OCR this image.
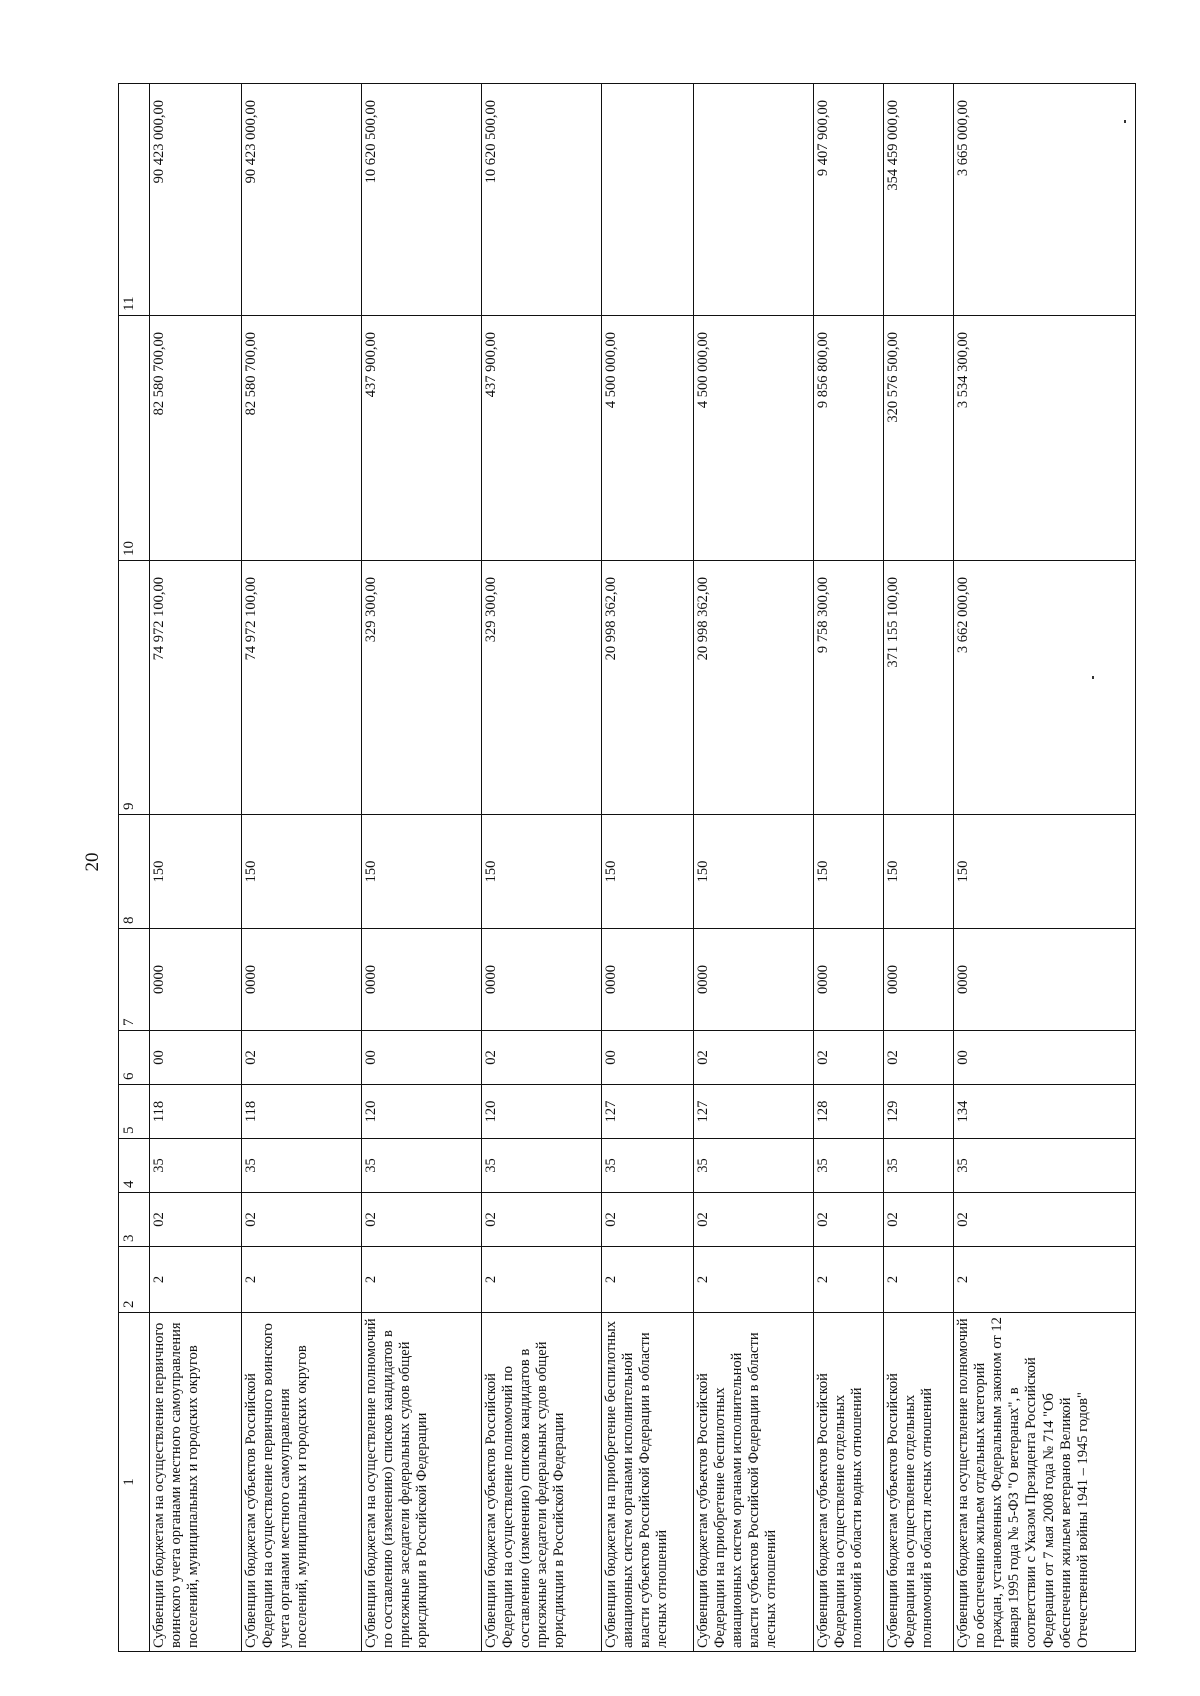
20
1	2	3	4	5	6	7	8	9	10	11
Субвенции бюджетам на осуществление первичного воинского учета органами местного самоуправления поселений, муниципальных и городских округов	2	02	35	118	00	0000	150	74 972 100,00	82 580 700,00	90 423 000,00
Субвенции бюджетам субъектов Российской Федерации на осуществление первичного воинского учета органами местного самоуправления поселений, муниципальных и городских округов	2	02	35	118	02	0000	150	74 972 100,00	82 580 700,00	90 423 000,00
Субвенции бюджетам на осуществление полномочий по составлению (изменению) списков кандидатов в присяжные заседатели федеральных судов общей юрисдикции в Российской Федерации	2	02	35	120	00	0000	150	329 300,00	437 900,00	10 620 500,00
Субвенции бюджетам субъектов Российской Федерации на осуществление полномочий по составлению (изменению) списков кандидатов в присяжные заседатели федеральных судов общей юрисдикции в Российской Федерации	2	02	35	120	02	0000	150	329 300,00	437 900,00	10 620 500,00
Субвенции бюджетам на приобретение беспилотных авиационных систем органами исполнительной власти субъектов Российской Федерации в области лесных отношений	2	02	35	127	00	0000	150	20 998 362,00	4 500 000,00	
Субвенции бюджетам субъектов Российской Федерации на приобретение беспилотных авиационных систем органами исполнительной власти субъектов Российской Федерации в области лесных отношений	2	02	35	127	02	0000	150	20 998 362,00	4 500 000,00	
Субвенции бюджетам субъектов Российской Федерации на осуществление отдельных полномочий в области водных отношений	2	02	35	128	02	0000	150	9 758 300,00	9 856 800,00	9 407 900,00
Субвенции бюджетам субъектов Российской Федерации на осуществление отдельных полномочий в области лесных отношений	2	02	35	129	02	0000	150	371 155 100,00	320 576 500,00	354 459 000,00
Субвенции бюджетам на осуществление полномочий по обеспечению жильем отдельных категорий граждан, установленных Федеральным законом от 12 января 1995 года № 5-ФЗ "О ветеранах", в соответствии с Указом Президента Российской Федерации от 7 мая 2008 года № 714 "Об обеспечении жильем ветеранов Великой Отечественной войны 1941 – 1945 годов"	2	02	35	134	00	0000	150	3 662 000,00	3 534 300,00	3 665 000,00
